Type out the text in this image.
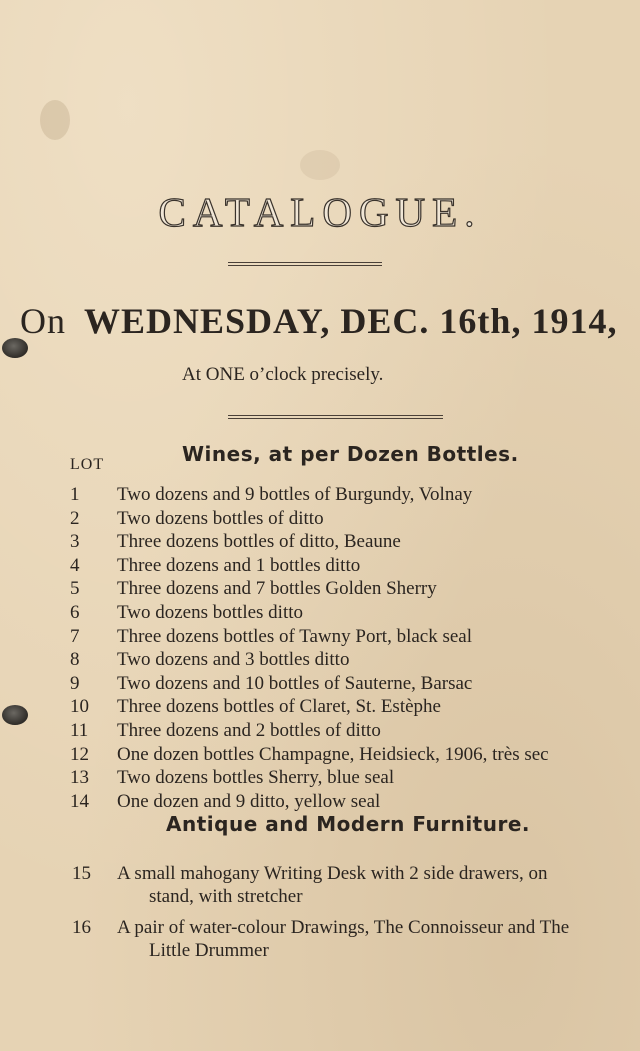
CATALOGUE.
On WEDNESDAY, DEC. 16th, 1914,
At ONE o’clock precisely.
Wines, at per Dozen Bottles.
LOT
1	Two dozens and 9 bottles of Burgundy, Volnay
2	Two dozens bottles of ditto
3	Three dozens bottles of ditto, Beaune
4	Three dozens and 1 bottles ditto
5	Three dozens and 7 bottles Golden Sherry
6	Two dozens bottles ditto
7	Three dozens bottles of Tawny Port, black seal
8	Two dozens and 3 bottles ditto
9	Two dozens and 10 bottles of Sauterne, Barsac
10	Three dozens bottles of Claret, St. Estèphe
11	Three dozens and 2 bottles of ditto
12	One dozen bottles Champagne, Heidsieck, 1906, très sec
13	Two dozens bottles Sherry, blue seal
14	One dozen and 9 ditto, yellow seal
Antique and Modern Furniture.
15	A small mahogany Writing Desk with 2 side drawers, on
stand, with stretcher
16	A pair of water-colour Drawings, The Connoisseur and The
Little Drummer
